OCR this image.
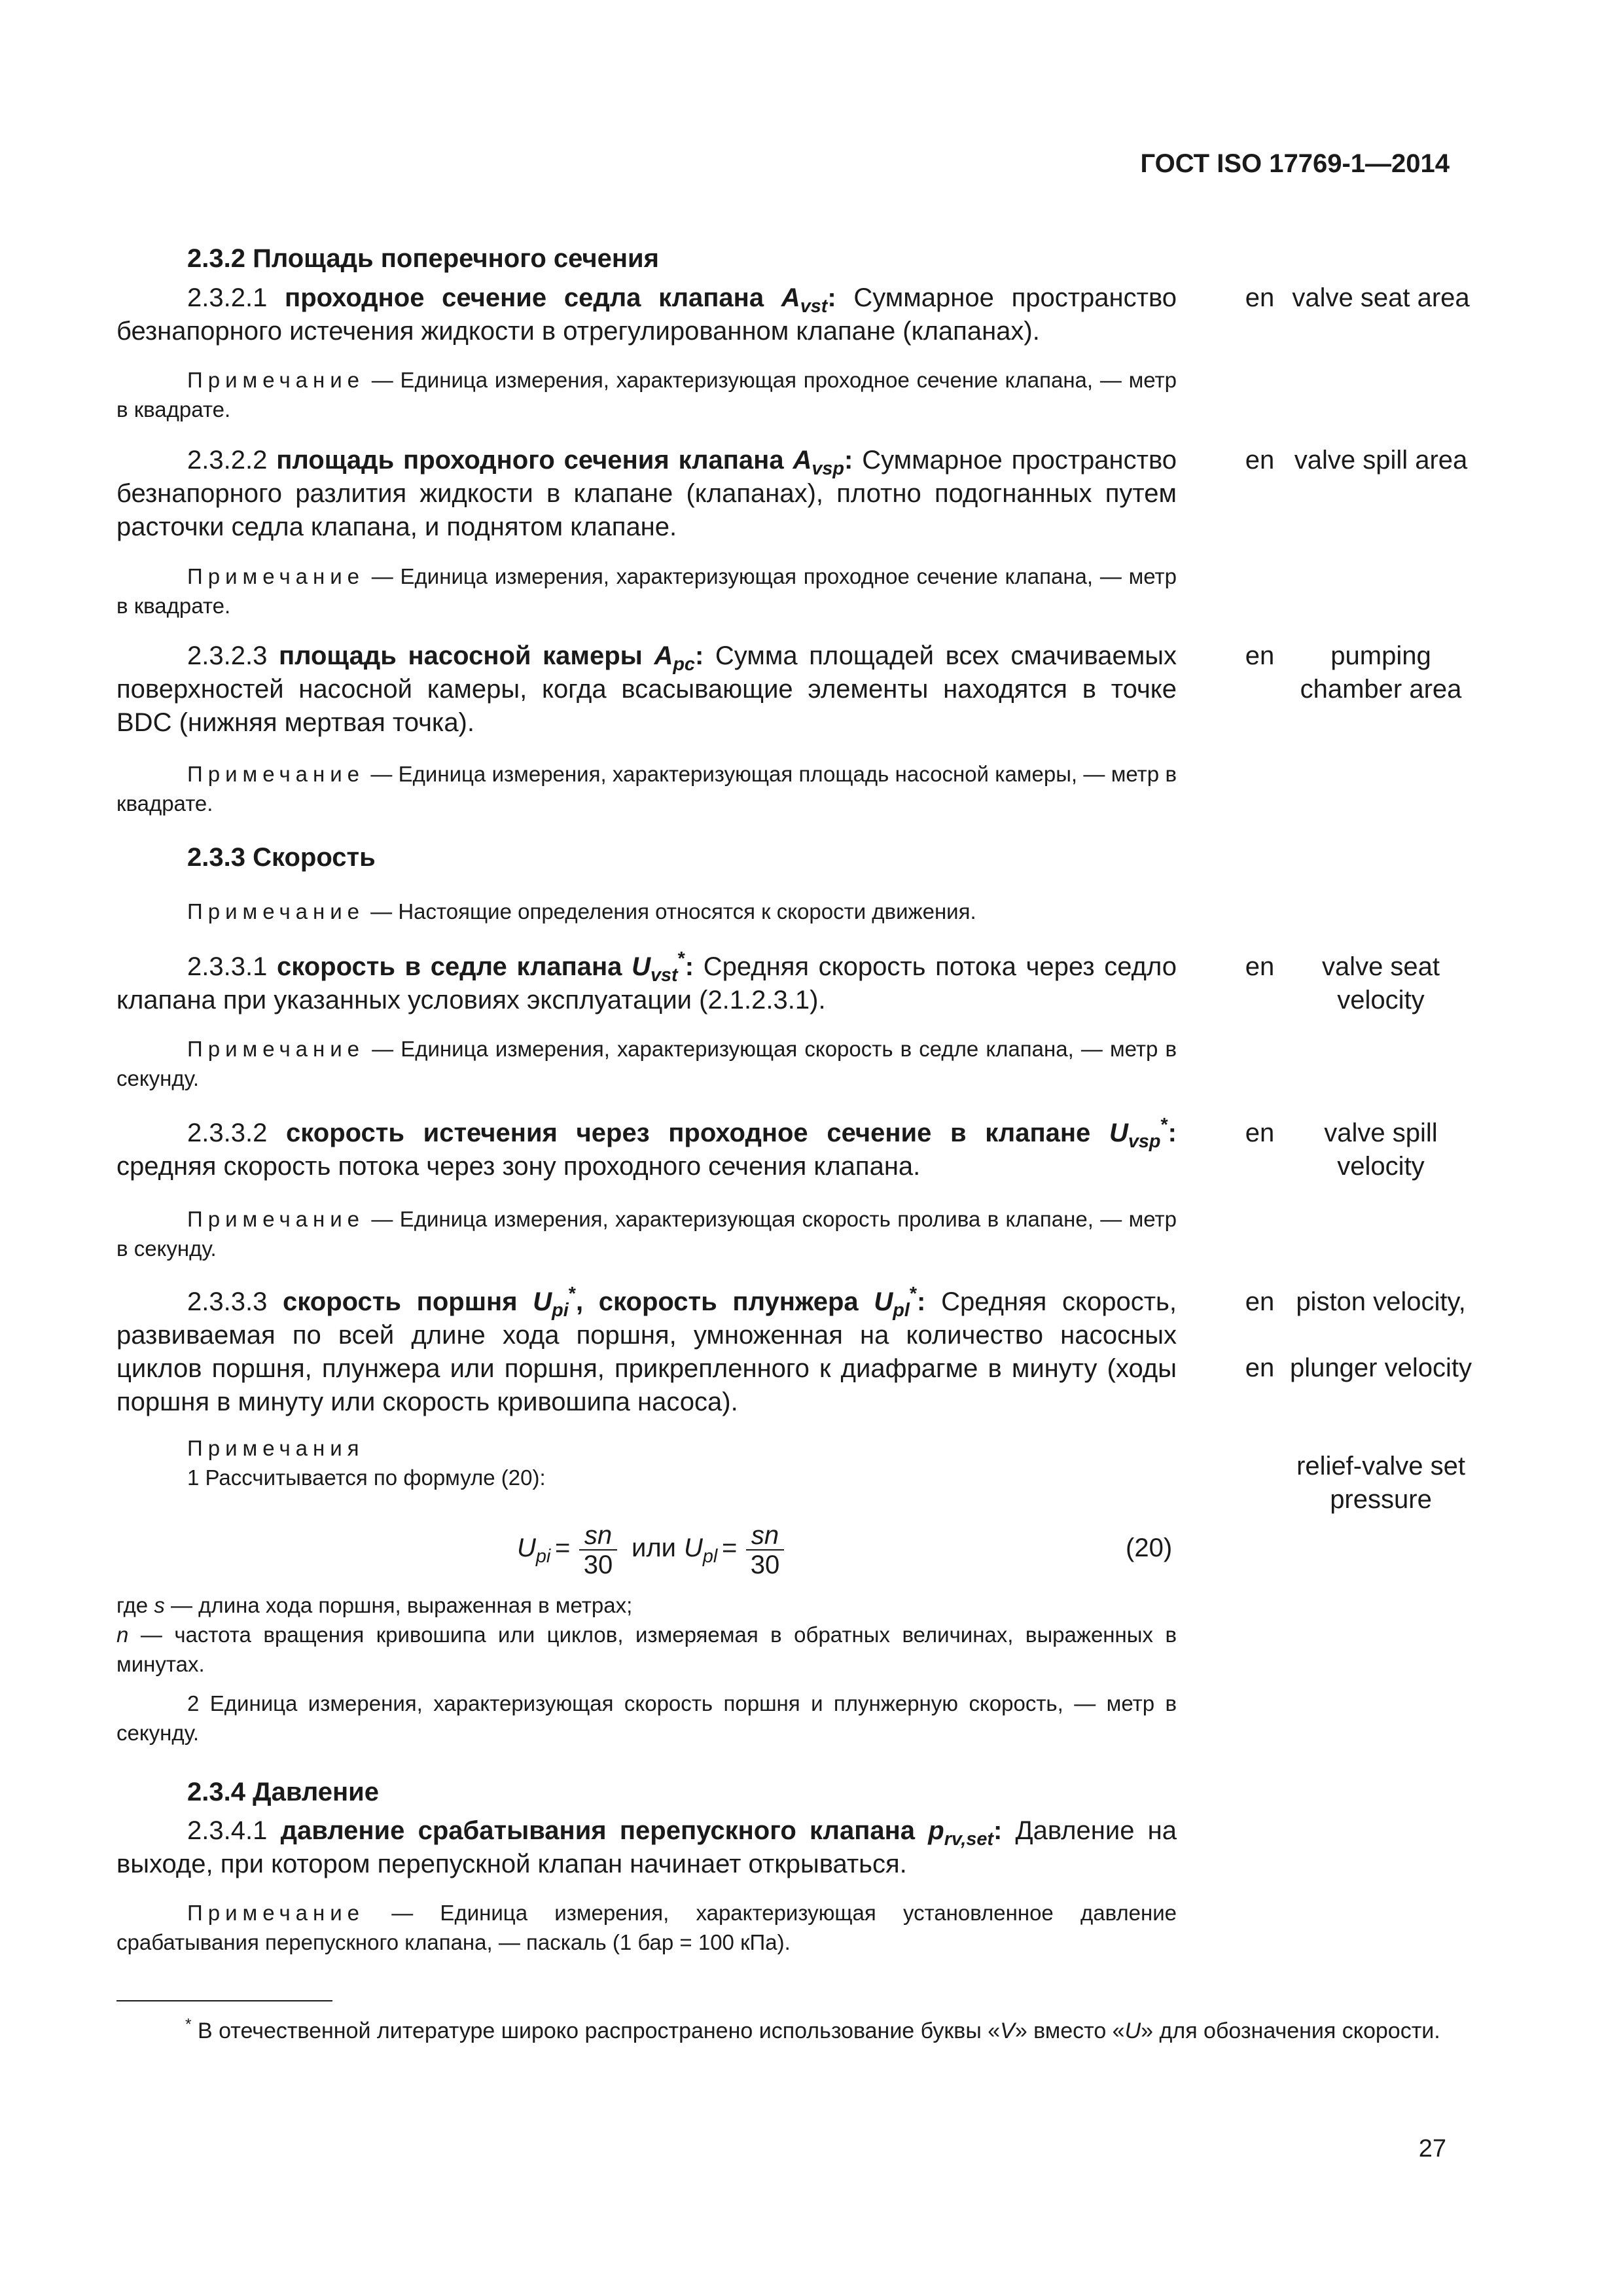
ГОСТ ISO 17769-1—2014
2.3.2 Площадь поперечного сечения
2.3.2.1 проходное сечение седла клапана $A_{vst}$: Суммарное пространство безнапорного истечения жидкости в отрегулированном клапане (клапанах).
en valve seat area
Примечание — Единица измерения, характеризующая проходное сечение клапана, — метр в квадрате.
2.3.2.2 площадь проходного сечения клапана $A_{vsp}$: Суммарное пространство безнапорного разлития жидкости в клапане (клапанах), плотно подогнанных путем расточки седла клапана, и поднятом клапане.
en valve spill area
Примечание — Единица измерения, характеризующая проходное сечение клапана, — метр в квадрате.
2.3.2.3 площадь насосной камеры $A_{pc}$: Сумма площадей всех смачиваемых поверхностей насосной камеры, когда всасывающие элементы находятся в точке BDC (нижняя мертвая точка).
en	pumping chamber area
Примечание — Единица измерения, характеризующая площадь насосной камеры, — метр в квадрате.
2.3.3 Скорость
Примечание — Настоящие определения относятся к скорости движения.
2.3.3.1 скорость в седле клапана $U_{vst}^*$: Средняя скорость потока через седло клапана при указанных условиях эксплуатации (2.1.2.3.1).
en	valve seat velocity
Примечание — Единица измерения, характеризующая скорость в седле клапана, — метр в секунду.
2.3.3.2 скорость истечения через проходное сечение в клапане $U_{vsp}^*$: средняя скорость потока через зону проходного сечения клапана.
en	valve spill velocity
Примечание — Единица измерения, характеризующая скорость пролива в клапане, — метр в секунду.
2.3.3.3 скорость поршня $U_{pi}^*$, скорость плунжера $U_{pl}^*$: Средняя скорость, развиваемая по всей длине хода поршня, умноженная на количество насосных циклов поршня, плунжера или поршня, прикрепленного к диафрагме в минуту (ходы поршня в минуту или скорость кривошипа насоса).
en piston velocity,
en plunger velocity
relief-valve set pressure
Примечания
1 Рассчитывается по формуле (20):
$U_{pi} = \frac{sn}{30}$ или $U_{pl} = \frac{sn}{30}$	(20)
где s — длина хода поршня, выраженная в метрах;
n — частота вращения кривошипа или циклов, измеряемая в обратных величинах, выраженных в минутах.
2 Единица измерения, характеризующая скорость поршня и плунжерную скорость, — метр в секунду.
2.3.4 Давление
2.3.4.1 давление срабатывания перепускного клапана $p_{rv,set}$: Давление на выходе, при котором перепускной клапан начинает открываться.
Примечание — Единица измерения, характеризующая установленное давление срабатывания перепускного клапана, — паскаль (1 бар = 100 кПа).
* В отечественной литературе широко распространено использование буквы «V» вместо «U» для обозначения скорости.
27
